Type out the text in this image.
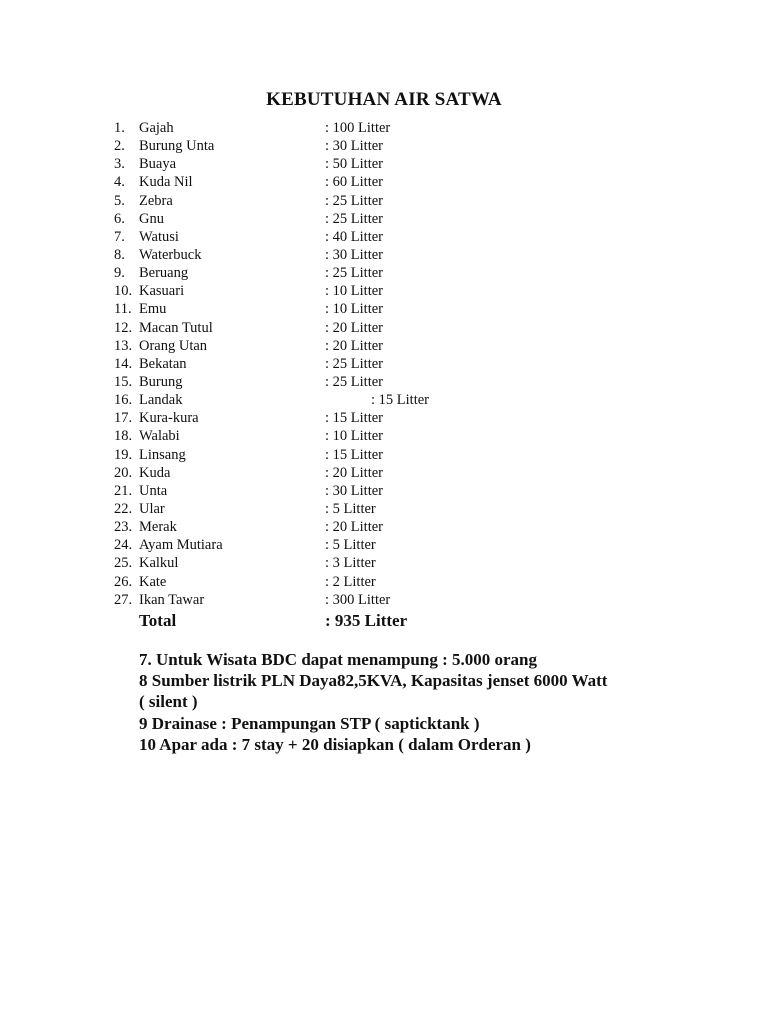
KEBUTUHAN AIR SATWA
1. Gajah	: 100 Litter
2. Burung Unta	: 30 Litter
3. Buaya	: 50 Litter
4. Kuda Nil	: 60 Litter
5. Zebra	: 25 Litter
6. Gnu	: 25 Litter
7. Watusi	: 40 Litter
8. Waterbuck	: 30 Litter
9. Beruang	: 25 Litter
10. Kasuari	: 10 Litter
11. Emu	: 10 Litter
12. Macan Tutul	: 20 Litter
13. Orang Utan	: 20 Litter
14. Bekatan	: 25 Litter
15. Burung	: 25 Litter
16. Landak	: 15 Litter
17. Kura-kura	: 15 Litter
18. Walabi	: 10 Litter
19. Linsang	: 15 Litter
20. Kuda	: 20 Litter
21. Unta	: 30 Litter
22. Ular	: 5 Litter
23. Merak	: 20 Litter
24. Ayam Mutiara	: 5 Litter
25. Kalkul	: 3 Litter
26. Kate	: 2 Litter
27. Ikan Tawar	: 300 Litter
Total	: 935 Litter
7. Untuk Wisata BDC dapat menampung : 5.000 orang
8 Sumber listrik PLN Daya82,5KVA, Kapasitas jenset 6000 Watt
( silent )
9 Drainase : Penampungan STP ( sapticktank )
10 Apar ada : 7 stay + 20 disiapkan ( dalam Orderan )
